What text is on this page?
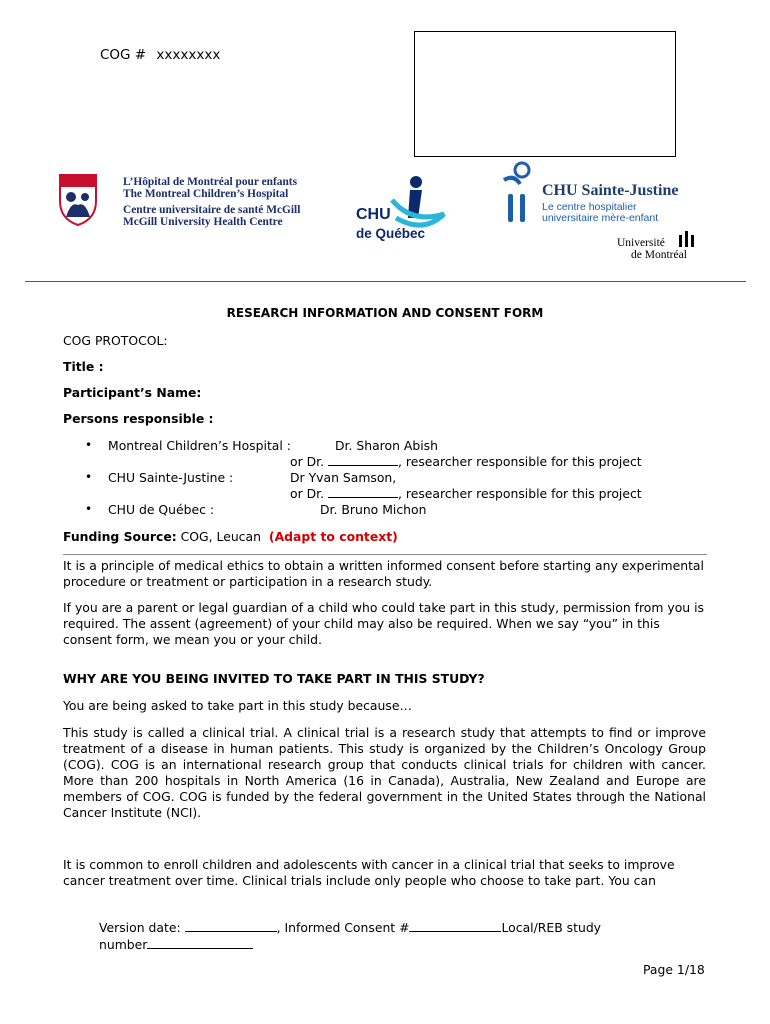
COG # xxxxxxxx
L’Hôpital de Montréal pour enfants
The Montreal Children’s Hospital
Centre universitaire de santé McGill
McGill University Health Centre	CHU
de Québec
CHU Sainte-Justine
Le centre hospitalier
universitaire mère-enfant
Université
de Montréal
RESEARCH INFORMATION AND CONSENT FORM
COG PROTOCOL:
Title :
Participant’s Name:
Persons responsible :
• Montreal Children’s Hospital :	Dr. Sharon Abish
or Dr.	, researcher responsible for this project
• CHU Sainte-Justine :	Dr Yvan Samson,
or Dr.	, researcher responsible for this project
• CHU de Québec :	Dr. Bruno Michon
Funding Source: COG, Leucan (Adapt to context)
It is a principle of medical ethics to obtain a written informed consent before starting any experimental procedure or treatment or participation in a research study.
If you are a parent or legal guardian of a child who could take part in this study, permission from you is required. The assent (agreement) of your child may also be required. When we say “you” in this consent form, we mean you or your child.
WHY ARE YOU BEING INVITED TO TAKE PART IN THIS STUDY?
You are being asked to take part in this study because…
This study is called a clinical trial. A clinical trial is a research study that attempts to find or improve treatment of a disease in human patients. This study is organized by the Children’s Oncology Group (COG). COG is an international research group that conducts clinical trials for children with cancer. More than 200 hospitals in North America (16 in Canada), Australia, New Zealand and Europe are members of COG. COG is funded by the federal government in the United States through the National Cancer Institute (NCI).
It is common to enroll children and adolescents with cancer in a clinical trial that seeks to improve cancer treatment over time. Clinical trials include only people who choose to take part. You can
Version date:	, Informed Consent #	Local/REB study
number
Page 1/18
